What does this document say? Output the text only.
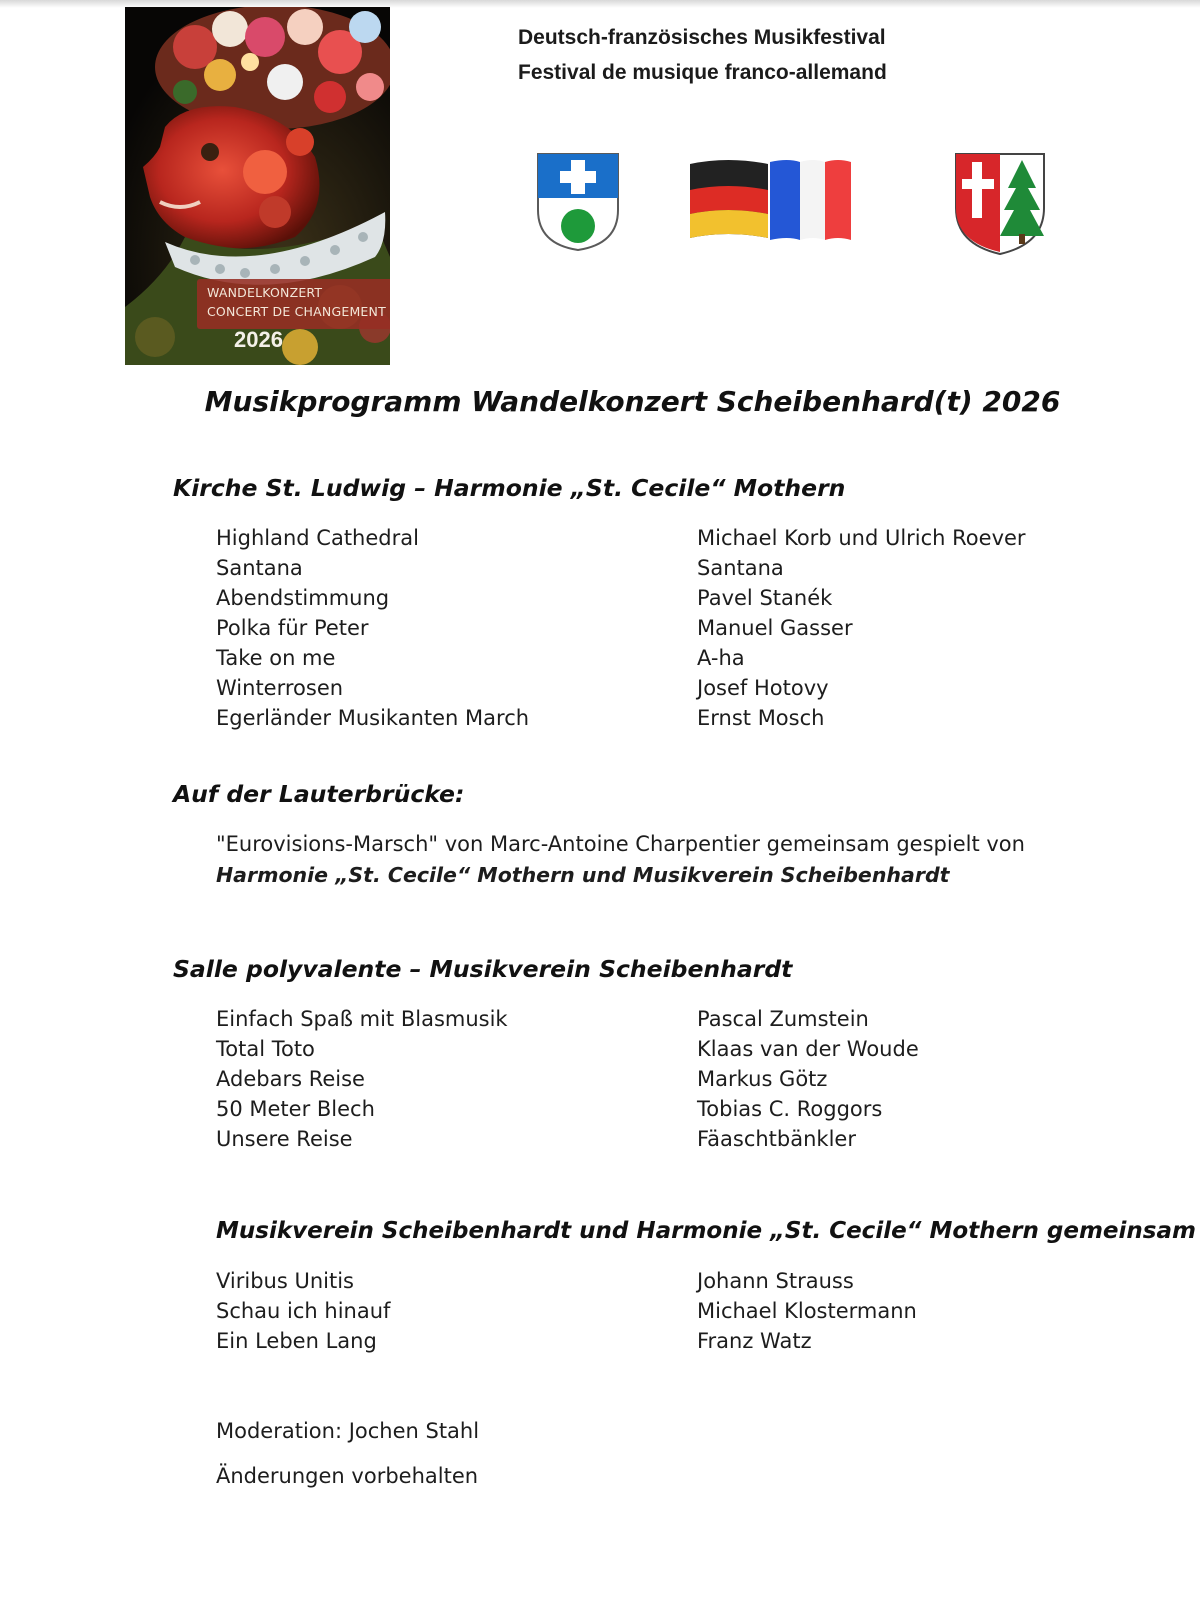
WANDELKONZERT
CONCERT DE CHANGEMENT
2026
Deutsch-französisches Musikfestival
Festival de musique franco-allemand
Musikprogramm Wandelkonzert Scheibenhard(t) 2026
Kirche St. Ludwig – Harmonie „St. Cecile“ Mothern
Highland Cathedral	Michael Korb und Ulrich Roever
Santana	Santana
Abendstimmung	Pavel Stanék
Polka für Peter	Manuel Gasser
Take on me	A-ha
Winterrosen	Josef Hotovy
Egerländer Musikanten March	Ernst Mosch
Auf der Lauterbrücke:
"Eurovisions-Marsch" von Marc-Antoine Charpentier gemeinsam gespielt von
Harmonie „St. Cecile“ Mothern und Musikverein Scheibenhardt
Salle polyvalente – Musikverein Scheibenhardt
Einfach Spaß mit Blasmusik	Pascal Zumstein
Total Toto	Klaas van der Woude
Adebars Reise	Markus Götz
50 Meter Blech	Tobias C. Roggors
Unsere Reise	Fäaschtbänkler
Musikverein Scheibenhardt und Harmonie „St. Cecile“ Mothern gemeinsam
Viribus Unitis	Johann Strauss
Schau ich hinauf	Michael Klostermann
Ein Leben Lang	Franz Watz
Moderation: Jochen Stahl
Änderungen vorbehalten
